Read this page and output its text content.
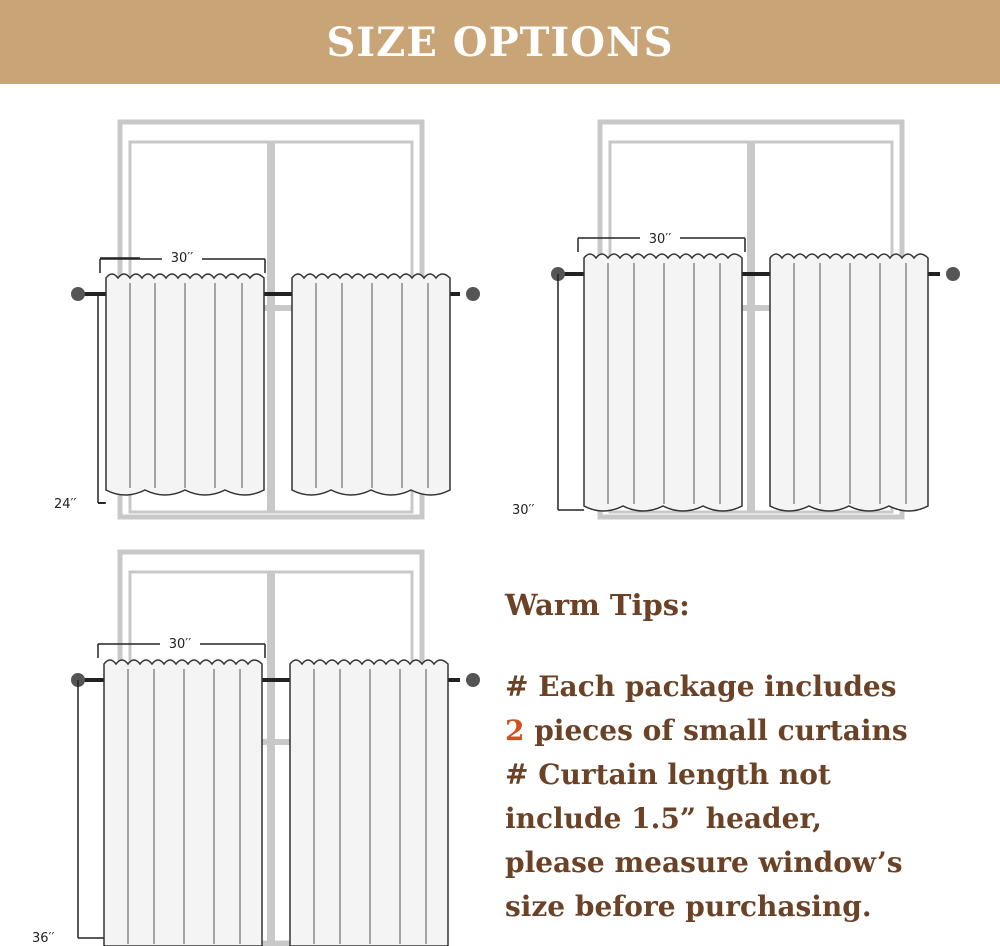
SIZE OPTIONS
30′′
24′′
30′′
30′′
30′′
36′′
Warm Tips:
# Each package includes
2 pieces of small curtains
# Curtain length not
include 1.5” header,
please measure window’s
size before purchasing.
